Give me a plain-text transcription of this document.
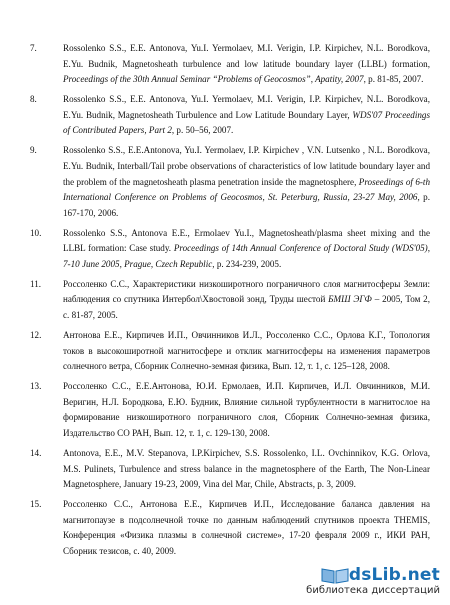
7.	Rossolenko S.S., E.E. Antonova, Yu.I. Yermolaev, M.I. Verigin, I.P. Kirpichev, N.L. Borodkova, E.Yu. Budnik, Magnetosheath turbulence and low latitude boundary layer (LLBL) formation, Proceedings of the 30th Annual Seminar “Problems of Geocosmos”, Apatity, 2007, p. 81-85, 2007.
8.	Rossolenko S.S., E.E. Antonova, Yu.I. Yermolaev, M.I. Verigin, I.P. Kirpichev, N.L. Borodkova, E.Yu. Budnik, Magnetosheath Turbulence and Low Latitude Boundary Layer, WDS'07 Proceedings of Contributed Papers, Part 2, p. 50–56, 2007.
9.	Rossolenko S.S., E.E.Antonova, Yu.I. Yermolaev, I.P. Kirpichev , V.N. Lutsenko , N.L. Borodkova, E.Yu. Budnik, Interball/Tail probe observations of characteristics of low latitude boundary layer and the problem of the magnetosheath plasma penetration inside the magnetosphere, Proseedings of 6-th International Conference on Problems of Geocosmos, St. Peterburg, Russia, 23-27 May, 2006, p. 167-170, 2006.
10. Rossolenko S.S., Antonova E.E., Ermolaev Yu.I., Magnetosheath/plasma sheet mixing and the LLBL formation: Case study. Proceedings of 14th Annual Conference of Doctoral Study (WDS'05), 7-10 June 2005, Prague, Czech Republic, p. 234-239, 2005.
11. Россоленко С.С., Характеристики низкоширотного пограничного слоя магнитосферы Земли: наблюдения со спутника Интербол\Хвостовой зонд, Труды шестой БМШ ЭГФ – 2005, Том 2, с. 81-87, 2005.
12. Антонова Е.Е., Кирпичев И.П., Овчинников И.Л., Россоленко С.С., Орлова К.Г., Топология токов в высокоширотной магнитосфере и отклик магнитосферы на изменения параметров солнечного ветра, Сборник Солнечно-земная физика, Вып. 12, т. 1, с. 125–128, 2008.
13. Россоленко С.С., Е.Е.Антонова, Ю.И. Ермолаев, И.П. Кирпичев, И.Л. Овчинников, М.И. Веригин, Н.Л. Бородкова, Е.Ю. Будник, Влияние сильной турбулентности в магнитослое на формирование низкоширотного пограничного слоя, Сборник Солнечно-земная физика, Издательство СО РАН, Вып. 12, т. 1, с. 129-130, 2008.
14. Antonova, E.E., M.V. Stepanova, I.P.Kirpichev, S.S. Rossolenko, I.L. Ovchinnikov, K.G. Orlova, M.S. Pulinets, Turbulence and stress balance in the magnetosphere of the Earth, The Non-Linear Magnetosphere, January 19-23, 2009, Vina del Mar, Chile, Abstracts, p. 3, 2009.
15. Россоленко С.С., Антонова Е.Е., Кирпичев И.П., Исследование баланса давления на магнитопаузе в подсолнечной точке по данным наблюдений спутников проекта THEMIS, Конференция «Физика плазмы в солнечной системе», 17-20 февраля 2009 г., ИКИ РАН, Сборник тезисов, с. 40, 2009.
dsLib.net
библиотека диссертаций
